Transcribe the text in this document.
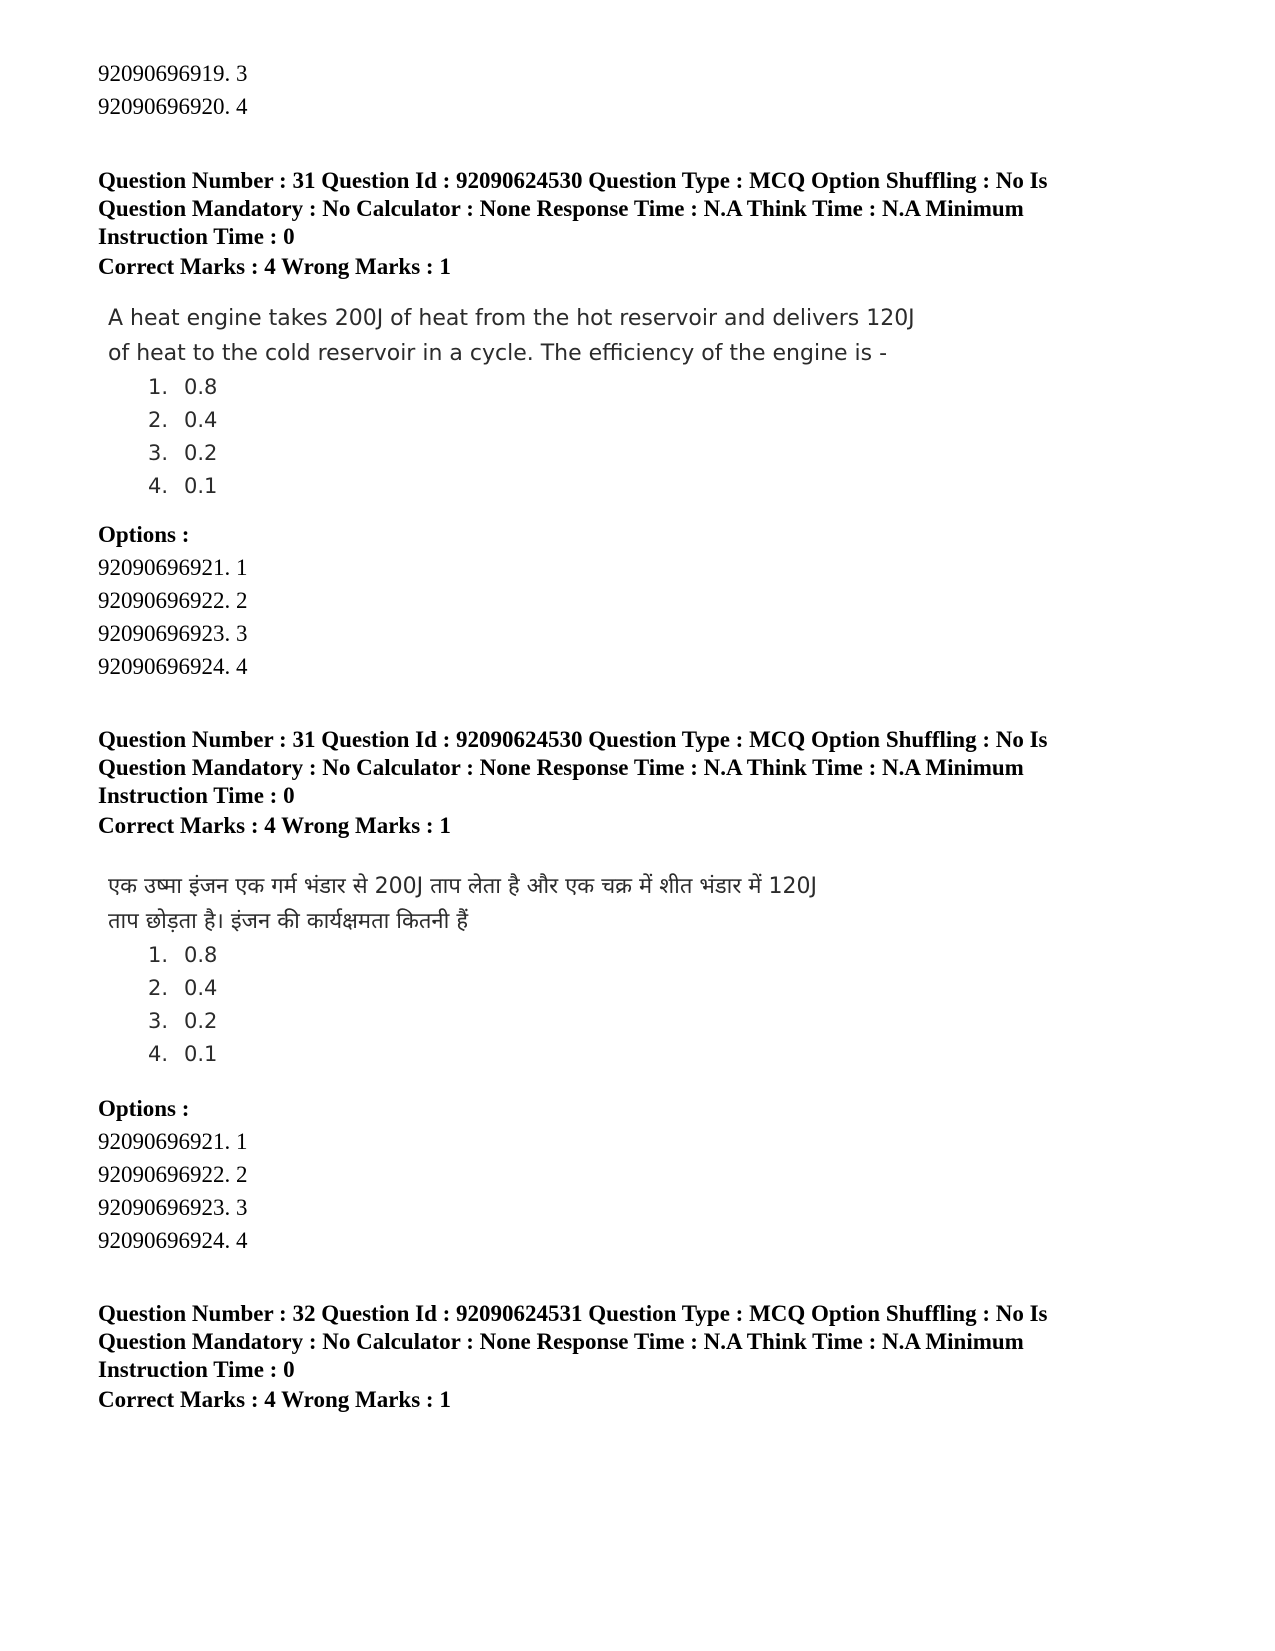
92090696919. 3
92090696920. 4
Question Number : 31 Question Id : 92090624530 Question Type : MCQ Option Shuffling : No Is
Question Mandatory : No Calculator : None Response Time : N.A Think Time : N.A Minimum
Instruction Time : 0
Correct Marks : 4 Wrong Marks : 1
A heat engine takes 200J of heat from the hot reservoir and delivers 120J
of heat to the cold reservoir in a cycle. The efficiency of the engine is -
1. 0.8
2. 0.4
3. 0.2
4. 0.1
Options :
92090696921. 1
92090696922. 2
92090696923. 3
92090696924. 4
Question Number : 31 Question Id : 92090624530 Question Type : MCQ Option Shuffling : No Is
Question Mandatory : No Calculator : None Response Time : N.A Think Time : N.A Minimum
Instruction Time : 0
Correct Marks : 4 Wrong Marks : 1
एक उष्मा इंजन एक गर्म भंडार से 200J ताप लेता है और एक चक्र में शीत भंडार में 120J
ताप छोड़ता है। इंजन की कार्यक्षमता कितनी हैं
1. 0.8
2. 0.4
3. 0.2
4. 0.1
Options :
92090696921. 1
92090696922. 2
92090696923. 3
92090696924. 4
Question Number : 32 Question Id : 92090624531 Question Type : MCQ Option Shuffling : No Is
Question Mandatory : No Calculator : None Response Time : N.A Think Time : N.A Minimum
Instruction Time : 0
Correct Marks : 4 Wrong Marks : 1
